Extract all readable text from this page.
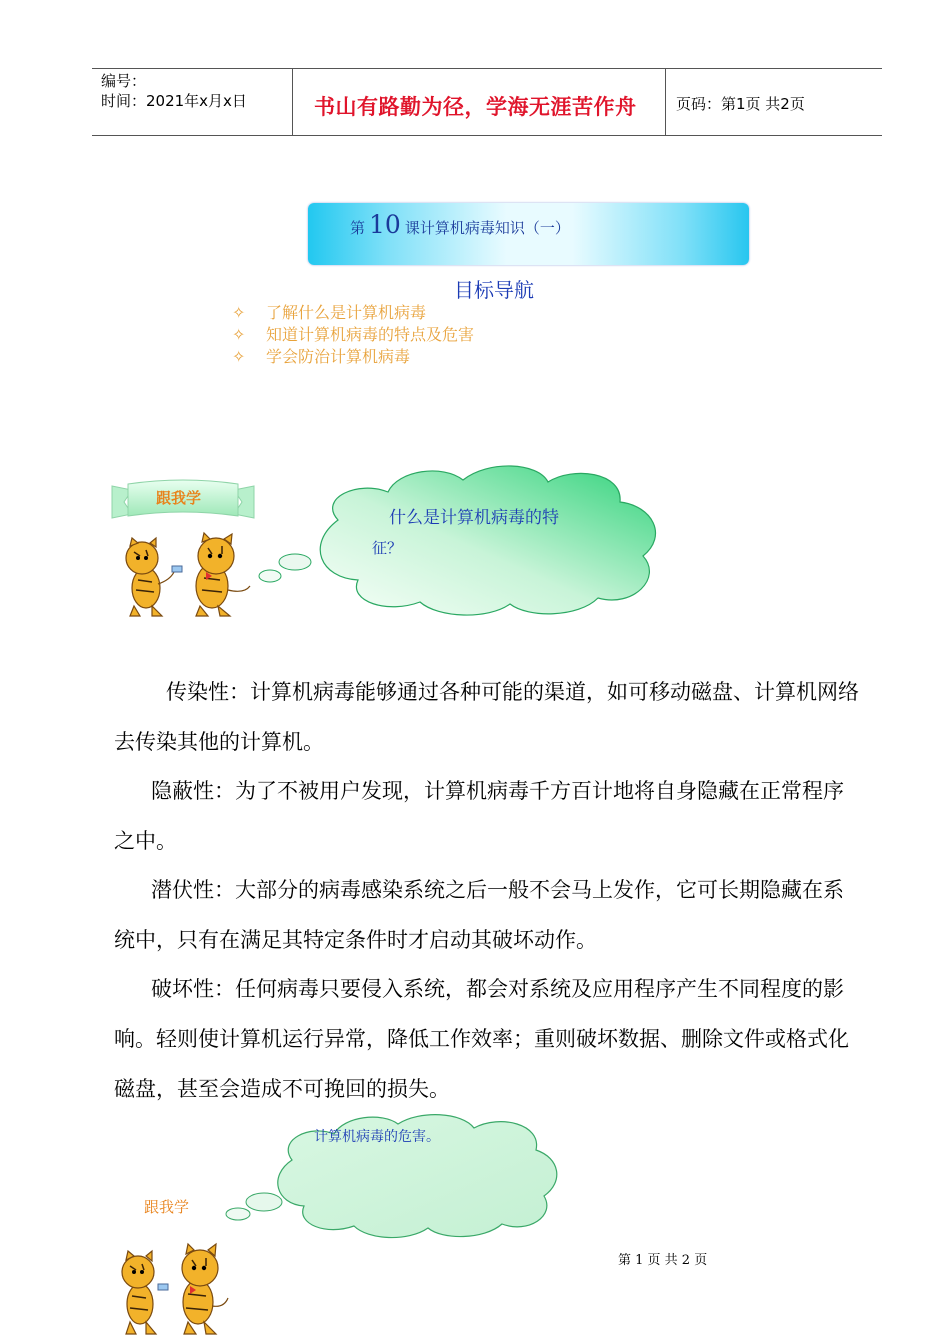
编号：
时间：2021年x月x日	书山有路勤为径，学海无涯苦作舟	页码：第1页 共2页
第 10 课计算机病毒知识（一）
目标导航
✧ 了解什么是计算机病毒
✧ 知道计算机病毒的特点及危害
✧ 学会防治计算机病毒
跟我学
什么是计算机病毒的特
征？
传染性：计算机病毒能够通过各种可能的渠道，如可移动磁盘、计算机网络去传染其他的计算机。
隐蔽性：为了不被用户发现，计算机病毒千方百计地将自身隐藏在正常程序之中。
潜伏性：大部分的病毒感染系统之后一般不会马上发作，它可长期隐藏在系统中，只有在满足其特定条件时才启动其破坏动作。
破坏性：任何病毒只要侵入系统，都会对系统及应用程序产生不同程度的影响。轻则使计算机运行异常，降低工作效率；重则破坏数据、删除文件或格式化磁盘，甚至会造成不可挽回的损失。
计算机病毒的危害。
跟我学
第 1 页 共 2 页
